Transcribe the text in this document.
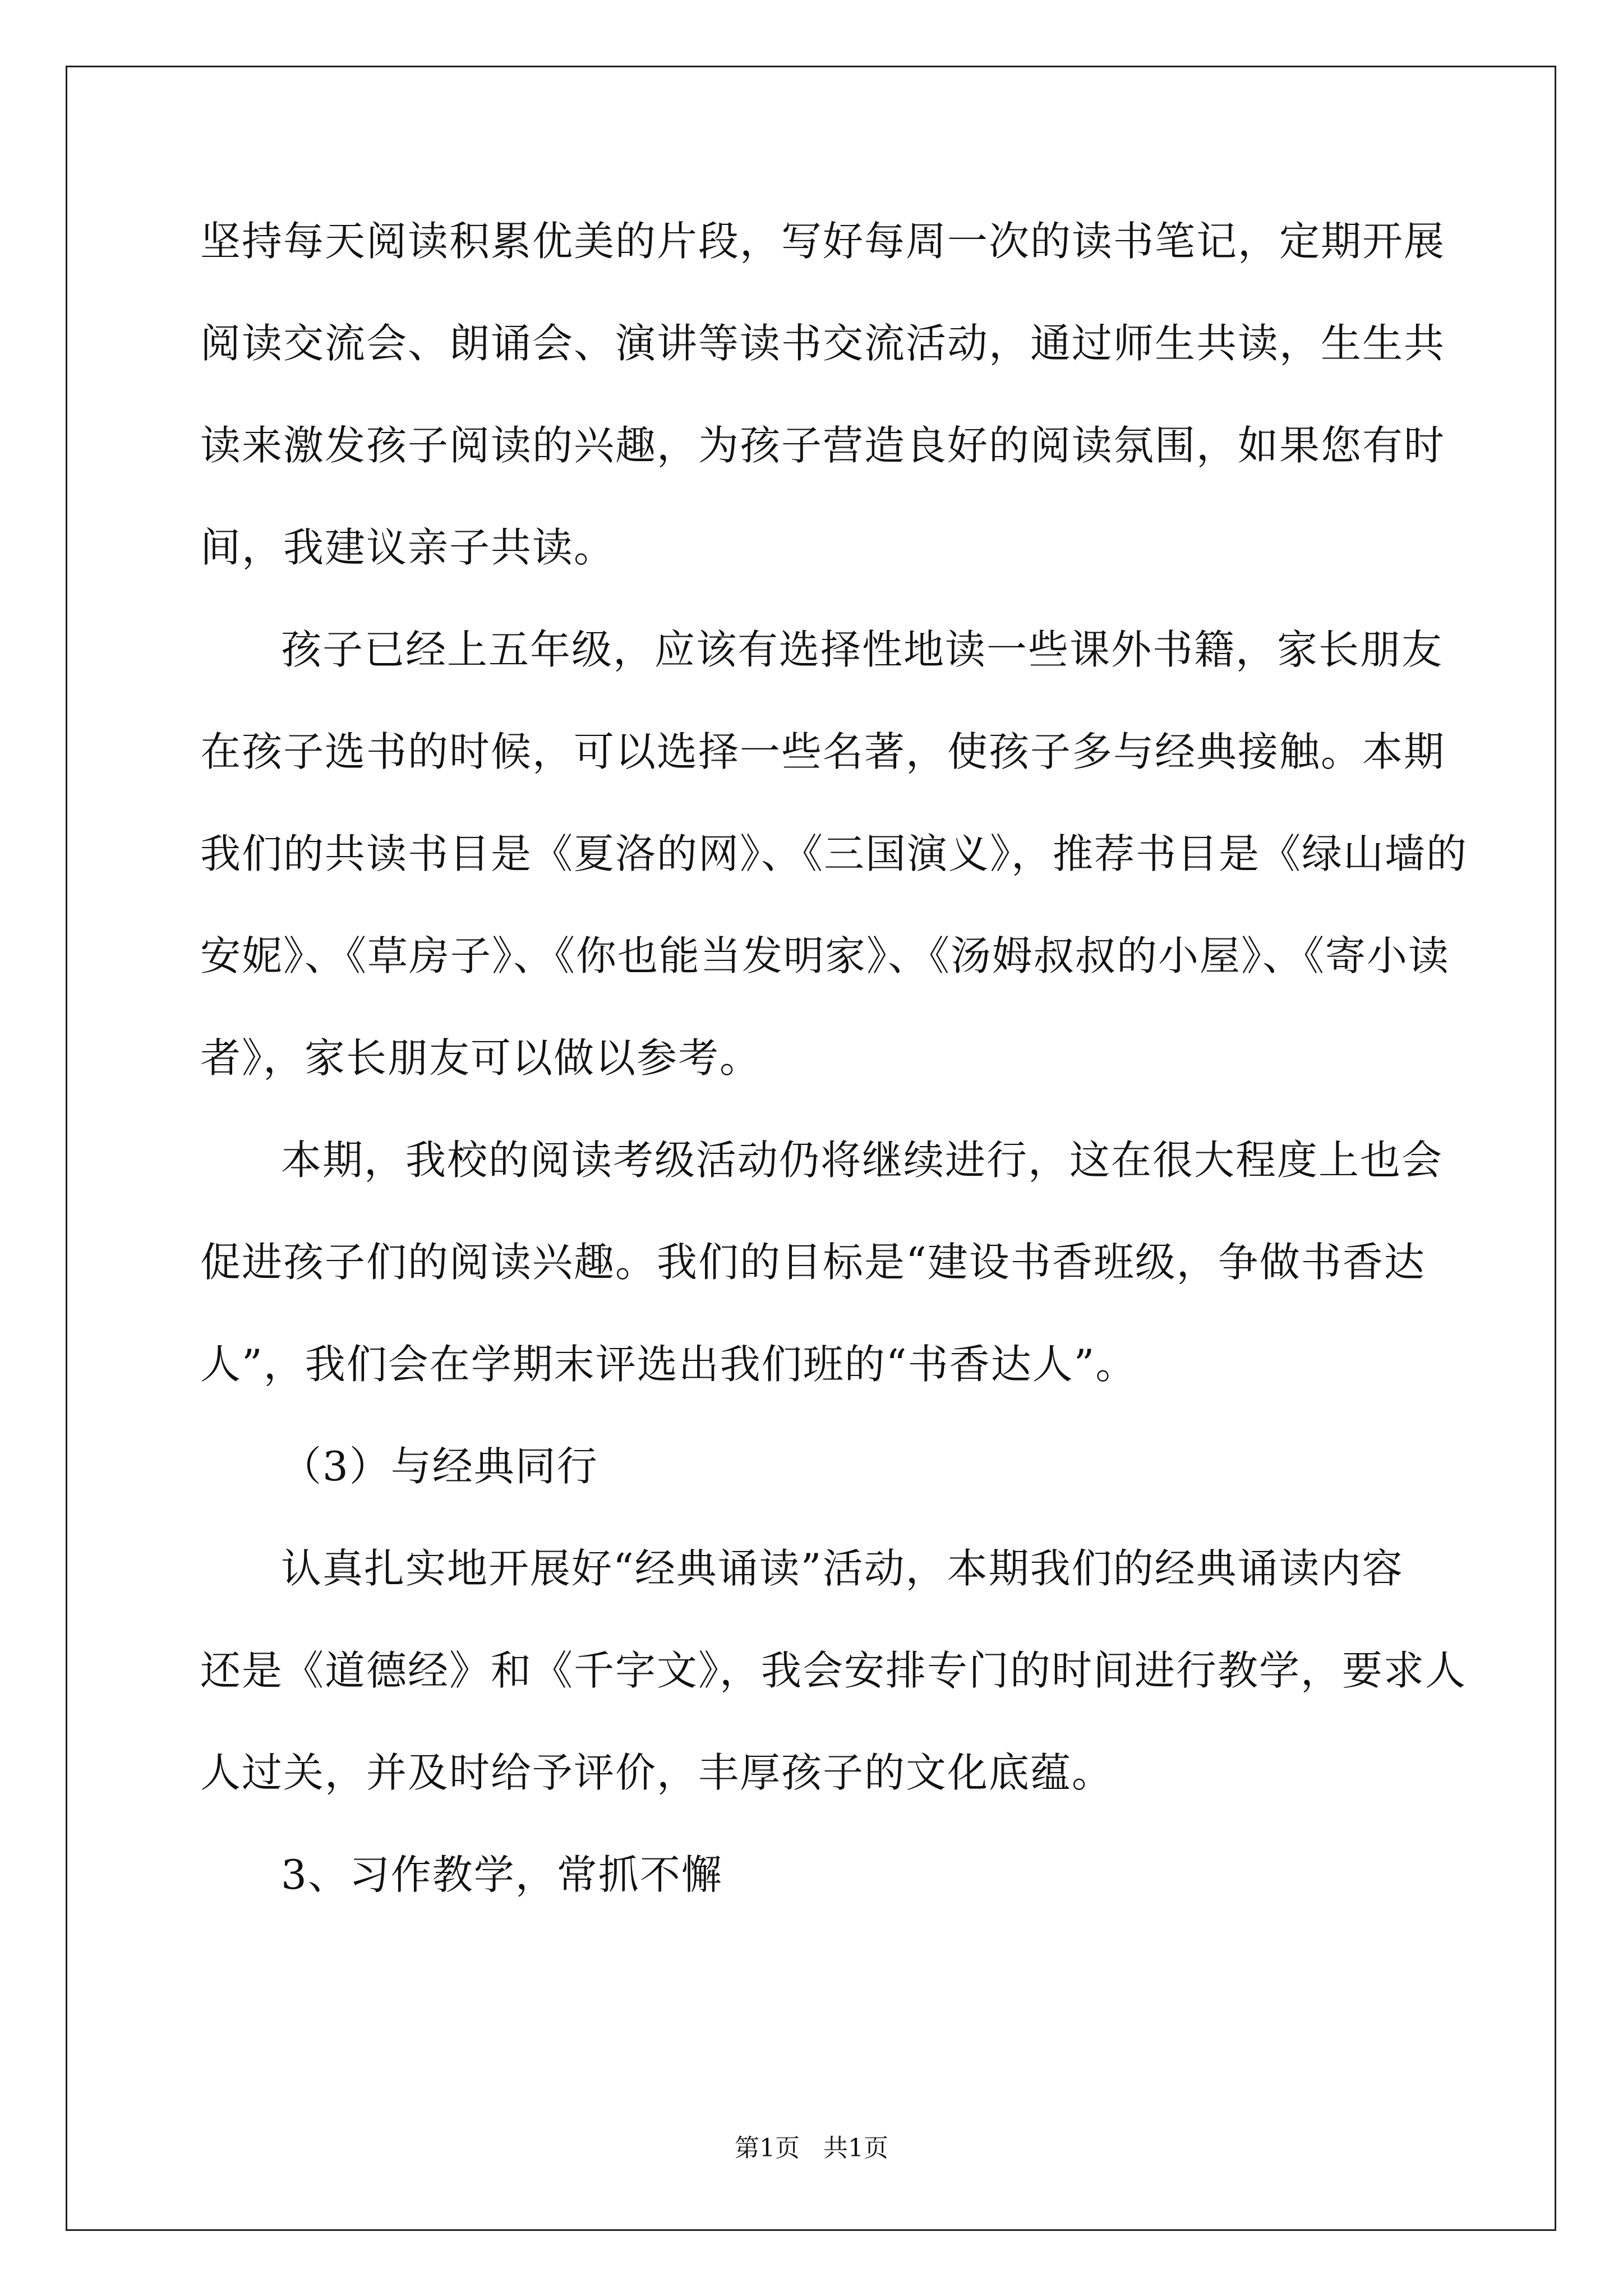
坚持每天阅读积累优美的片段，写好每周一次的读书笔记，定期开展
阅读交流会、朗诵会、演讲等读书交流活动，通过师生共读，生生共
读来激发孩子阅读的兴趣，为孩子营造良好的阅读氛围，如果您有时
间，我建议亲子共读。
孩子已经上五年级，应该有选择性地读一些课外书籍，家长朋友
在孩子选书的时候，可以选择一些名著，使孩子多与经典接触。本期
我们的共读书目是《夏洛的网》、《三国演义》，推荐书目是《绿山墙的
安妮》、《草房子》、《你也能当发明家》、《汤姆叔叔的小屋》、《寄小读
者》，家长朋友可以做以参考。
本期，我校的阅读考级活动仍将继续进行，这在很大程度上也会
促进孩子们的阅读兴趣。我们的目标是“建设书香班级，争做书香达
人”，我们会在学期末评选出我们班的“书香达人”。
（3）与经典同行
认真扎实地开展好“经典诵读”活动，本期我们的经典诵读内容
还是《道德经》和《千字文》，我会安排专门的时间进行教学，要求人
人过关，并及时给予评价，丰厚孩子的文化底蕴。
3、习作教学，常抓不懈
第1页   共1页
